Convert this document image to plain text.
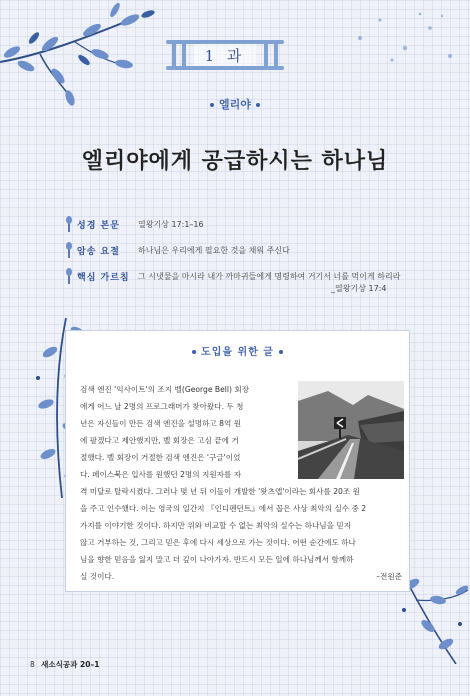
1 과
엘리야
엘리야에게 공급하시는 하나님
성경 본문 열왕기상 17:1–16
암송 요절 하나님은 우리에게 필요한 것을 채워 주신다
핵심 가르침 그 시냇물을 마시라 내가 까마귀들에게 명령하여 거기서 너를 먹이게 하리라
_열왕기상 17:4
도입을 위한 글
검색 엔진 '익사이트'의 조지 벨(George Bell) 회장
에게 어느 날 2명의 프로그래머가 찾아왔다. 두 청
년은 자신들이 만든 검색 엔진을 설명하고 8억 원
에 팔겠다고 제안했지만, 벨 회장은 고심 끝에 거
절했다. 벨 회장이 거절한 검색 엔진은 '구글'이었
다. 페이스북은 입사를 원했던 2명의 지원자를 자
격 미달로 탈락시켰다. 그러나 몇 년 뒤 이들이 개발한 '왓츠앱'이라는 회사를 20조 원
을 주고 인수했다. 이는 영국의 일간지 『인디펜던트』에서 꼽은 사상 최악의 실수 중 2
가지를 이야기한 것이다. 하지만 위와 비교할 수 없는 최악의 실수는 하나님을 믿지
않고 거부하는 것, 그리고 믿은 후에 다시 세상으로 가는 것이다. 어떤 순간에도 하나
님을 향한 믿음을 잃지 말고 더 깊이 나아가자. 반드시 모든 일에 하나님께서 함께하
실 것이다.	–전원준
8 새소식공과 20–1
